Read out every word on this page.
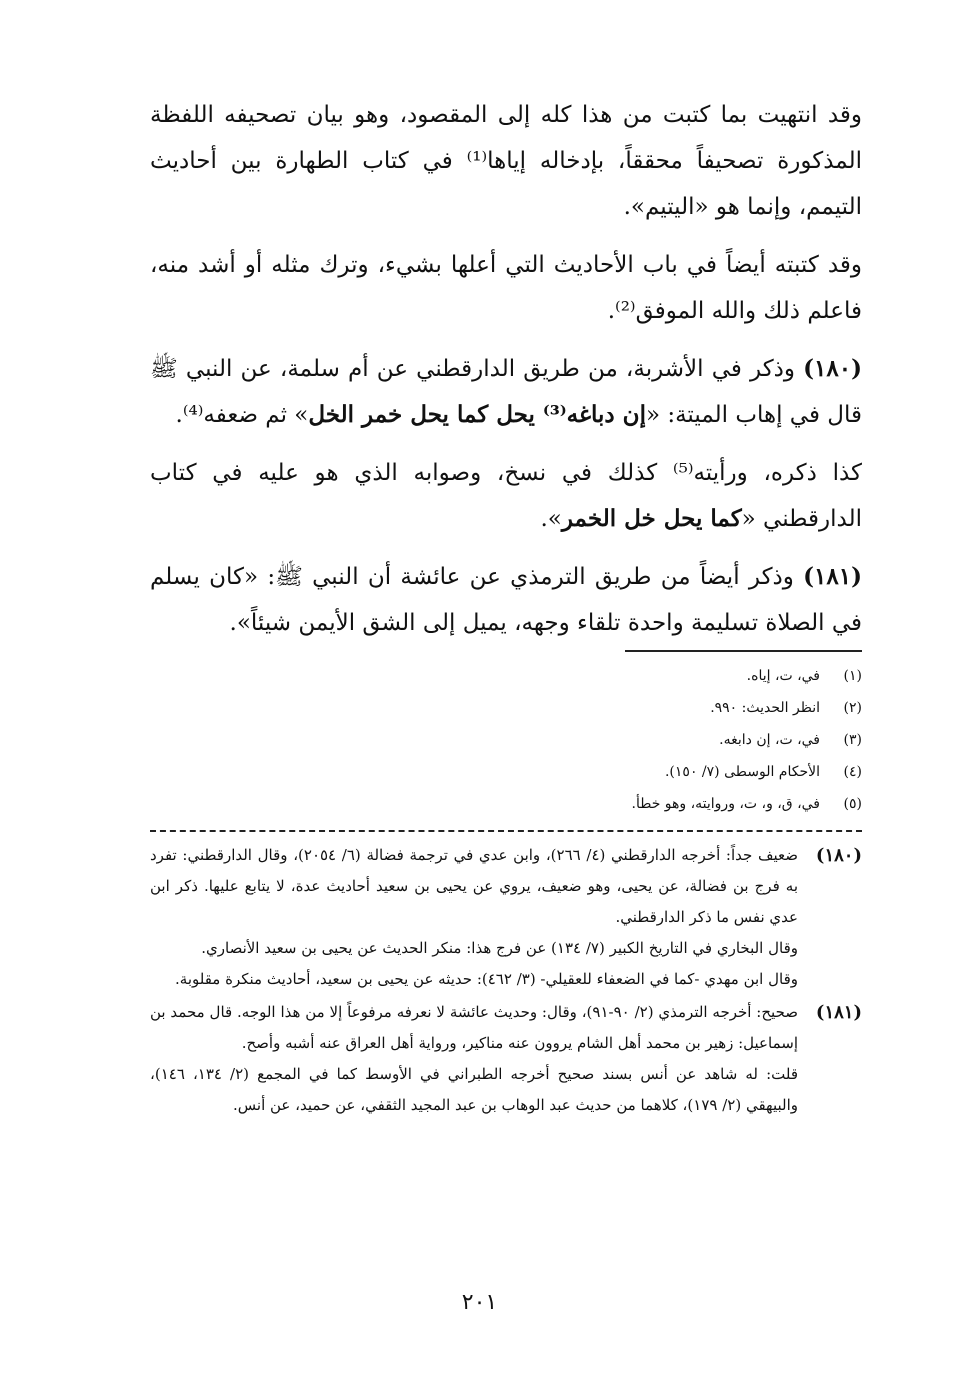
وقد انتهيت بما كتبت من هذا كله إلى المقصود، وهو بيان تصحيفه اللفظة المذكورة تصحيفاً محققاً، بإدخاله إياها⁽¹⁾ في كتاب الطهارة بين أحاديث التيمم، وإنما هو «اليتيم».

وقد كتبته أيضاً في باب الأحاديث التي أعلها بشيء، وترك مثله أو أشد منه، فاعلم ذلك والله الموفق⁽²⁾.

(١٨٠) وذكر في الأشربة، من طريق الدارقطني عن أم سلمة، عن النبي ﷺ قال في إهاب الميتة: «إن دباغه⁽³⁾ يحل كما يحل خمر الخل» ثم ضعفه⁽⁴⁾.

كذا ذكره، ورأيته⁽⁵⁾ كذلك في نسخ، وصوابه الذي هو عليه في كتاب الدارقطني «كما يحل خل الخمر».

(١٨١) وذكر أيضاً من طريق الترمذي عن عائشة أن النبي ﷺ: «كان يسلم في الصلاة تسليمة واحدة تلقاء وجهه، يميل إلى الشق الأيمن شيئاً».

(١)
في، ت، إياه.
(٢)
انظر الحديث: ٩٩٠.
(٣)
في، ت، إن دابغه.
(٤)
الأحكام الوسطى (٧/ ١٥٠).
(٥)
في، ق، و، ت، وروايته، وهو خطأ.
(١٨٠)

ضعيف جداً: أخرجه الدارقطني (٤/ ٢٦٦)، وابن عدي في ترجمة فضالة (٦/ ٢٠٥٤)، وقال الدارقطني: تفرد به فرج بن فضالة، عن يحيى، وهو ضعيف، يروي عن يحيى بن سعيد أحاديث عدة، لا يتابع عليها. ذكر ابن عدي نفس ما ذكر الدارقطني.

وقال البخاري في التاريخ الكبير (٧/ ١٣٤) عن فرج هذا: منكر الحديث عن يحيى بن سعيد الأنصاري.

وقال ابن مهدي -كما في الضعفاء للعقيلي- (٣/ ٤٦٢): حديثه عن يحيى بن سعيد، أحاديث منكرة مقلوبة.

(١٨١)

صحيح: أخرجه الترمذي (٢/ ٩٠-٩١)، وقال: وحديث عائشة لا نعرفه مرفوعاً إلا من هذا الوجه. قال محمد بن إسماعيل: زهير بن محمد أهل الشام يروون عنه مناكير، ورواية أهل العراق عنه أشبه وأصح.

قلت: له شاهد عن أنس بسند صحيح أخرجه الطبراني في الأوسط كما في المجمع (٢/ ١٣٤، ١٤٦)، والبيهقي (٢/ ١٧٩)، كلاهما من حديث عبد الوهاب بن عبد المجيد الثقفي، عن حميد، عن أنس.

٢٠١
